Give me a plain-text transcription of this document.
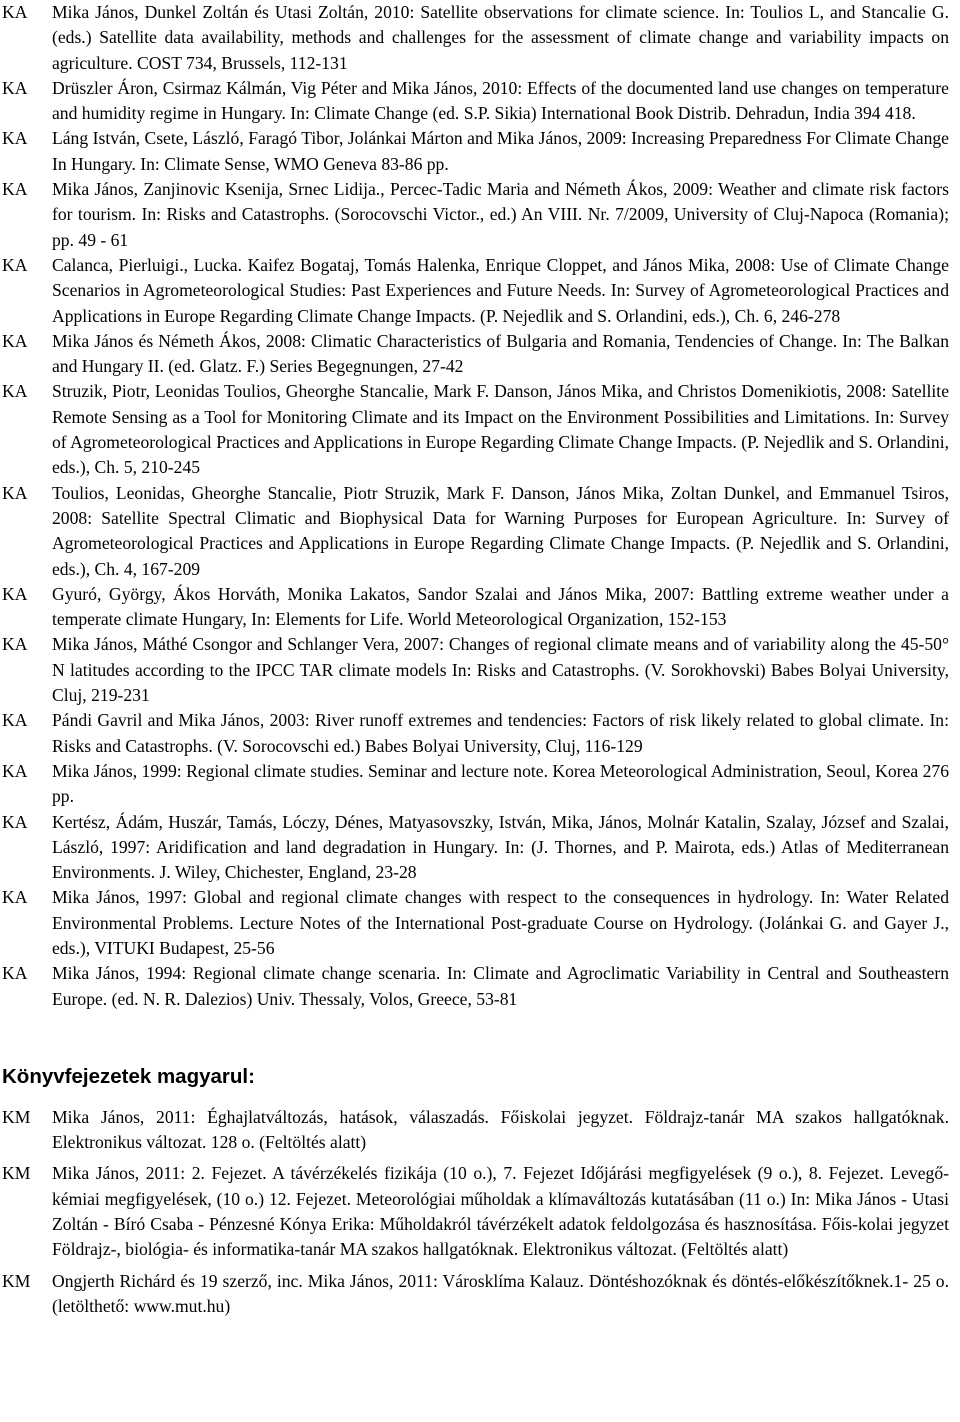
KA	Mika János, Dunkel Zoltán és Utasi Zoltán, 2010: Satellite observations for climate science. In: Toulios L, and Stancalie G. (eds.) Satellite data availability, methods and challenges for the assessment of climate change and variability impacts on agriculture. COST 734, Brussels, 112-131
KA	Drüszler Áron, Csirmaz Kálmán, Vig Péter and Mika János, 2010: Effects of the documented land use changes on temperature and humidity regime in Hungary. In: Climate Change (ed. S.P. Sikia) International Book Distrib. Dehradun, India 394 418.
KA	Láng István, Csete, László, Faragó Tibor, Jolánkai Márton and Mika János, 2009: Increasing Preparedness For Climate Change In Hungary. In: Climate Sense, WMO Geneva 83-86 pp.
KA	Mika János, Zanjinovic Ksenija, Srnec Lidija., Percec-Tadic Maria and Németh Ákos, 2009: Weather and climate risk factors for tourism. In: Risks and Catastrophs. (Sorocovschi Victor., ed.) An VIII. Nr. 7/2009, University of Cluj-Napoca (Romania); pp. 49 - 61
KA	Calanca, Pierluigi., Lucka. Kaifez Bogataj, Tomás Halenka, Enrique Cloppet, and János Mika, 2008: Use of Climate Change Scenarios in Agrometeorological Studies: Past Experiences and Future Needs. In: Survey of Agrometeorological Practices and Applications in Europe Regarding Climate Change Impacts. (P. Nejedlik and S. Orlandini, eds.), Ch. 6, 246-278
KA	Mika János és Németh Ákos, 2008: Climatic Characteristics of Bulgaria and Romania, Tendencies of Change. In: The Balkan and Hungary II. (ed. Glatz. F.) Series Begegnungen, 27-42
KA	Struzik, Piotr, Leonidas Toulios, Gheorghe Stancalie, Mark F. Danson, János Mika, and Christos Domenikiotis, 2008: Satellite Remote Sensing as a Tool for Monitoring Climate and its Impact on the Environment Possibilities and Limitations. In: Survey of Agrometeorological Practices and Applications in Europe Regarding Climate Change Impacts. (P. Nejedlik and S. Orlandini, eds.), Ch. 5, 210-245
KA	Toulios, Leonidas, Gheorghe Stancalie, Piotr Struzik, Mark F. Danson, János Mika, Zoltan Dunkel, and Emmanuel Tsiros, 2008: Satellite Spectral Climatic and Biophysical Data for Warning Purposes for European Agriculture. In: Survey of Agrometeorological Practices and Applications in Europe Regarding Climate Change Impacts. (P. Nejedlik and S. Orlandini, eds.), Ch. 4, 167-209
KA	Gyuró, György, Ákos Horváth, Monika Lakatos, Sandor Szalai and János Mika, 2007: Battling extreme weather under a temperate climate Hungary, In: Elements for Life. World Meteorological Organization, 152-153
KA	Mika János, Máthé Csongor and Schlanger Vera, 2007: Changes of regional climate means and of variability along the 45-50° N latitudes according to the IPCC TAR climate models In: Risks and Catastrophs. (V. Sorokhovski) Babes Bolyai University, Cluj, 219-231
KA	Pándi Gavril and Mika János, 2003: River runoff extremes and tendencies: Factors of risk likely related to global climate. In: Risks and Catastrophs. (V. Sorocovschi ed.) Babes Bolyai University, Cluj, 116-129
KA	Mika János, 1999: Regional climate studies. Seminar and lecture note. Korea Meteorological Administration, Seoul, Korea 276 pp.
KA	Kertész, Ádám, Huszár, Tamás, Lóczy, Dénes, Matyasovszky, István, Mika, János, Molnár Katalin, Szalay, József and Szalai, László, 1997: Aridification and land degradation in Hungary. In: (J. Thornes, and P. Mairota, eds.) Atlas of Mediterranean Environments. J. Wiley, Chichester, England, 23-28
KA	Mika János, 1997: Global and regional climate changes with respect to the consequences in hydrology. In: Water Related Environmental Problems. Lecture Notes of the International Post-graduate Course on Hydrology. (Jolánkai G. and Gayer J., eds.), VITUKI Budapest, 25-56
KA	Mika János, 1994: Regional climate change scenaria. In: Climate and Agroclimatic Variability in Central and Southeastern Europe. (ed. N. R. Dalezios) Univ. Thessaly, Volos, Greece, 53-81
Könyvfejezetek magyarul:
KM	Mika János, 2011: Éghajlatváltozás, hatások, válaszadás. Főiskolai jegyzet. Földrajz-tanár MA szakos hallgatóknak. Elektronikus változat. 128 o. (Feltöltés alatt)
KM	Mika János, 2011: 2. Fejezet. A távérzékelés fizikája (10 o.), 7. Fejezet Időjárási megfigyelések (9 o.), 8. Fejezet. Levegő-kémiai megfigyelések, (10 o.) 12. Fejezet. Meteorológiai műholdak a klímaváltozás kutatásában (11 o.) In: Mika János - Utasi Zoltán - Bíró Csaba - Pénzesné Kónya Erika: Műholdakról távérzékelt adatok feldolgozása és hasznosítása. Főis-kolai jegyzet Földrajz-, biológia- és informatika-tanár MA szakos hallgatóknak. Elektronikus változat. (Feltöltés alatt)
KM	Ongjerth Richárd és 19 szerző, inc. Mika János, 2011: Városklíma Kalauz. Döntéshozóknak és döntés-előkészítőknek.1- 25 o. (letölthető: www.mut.hu)
